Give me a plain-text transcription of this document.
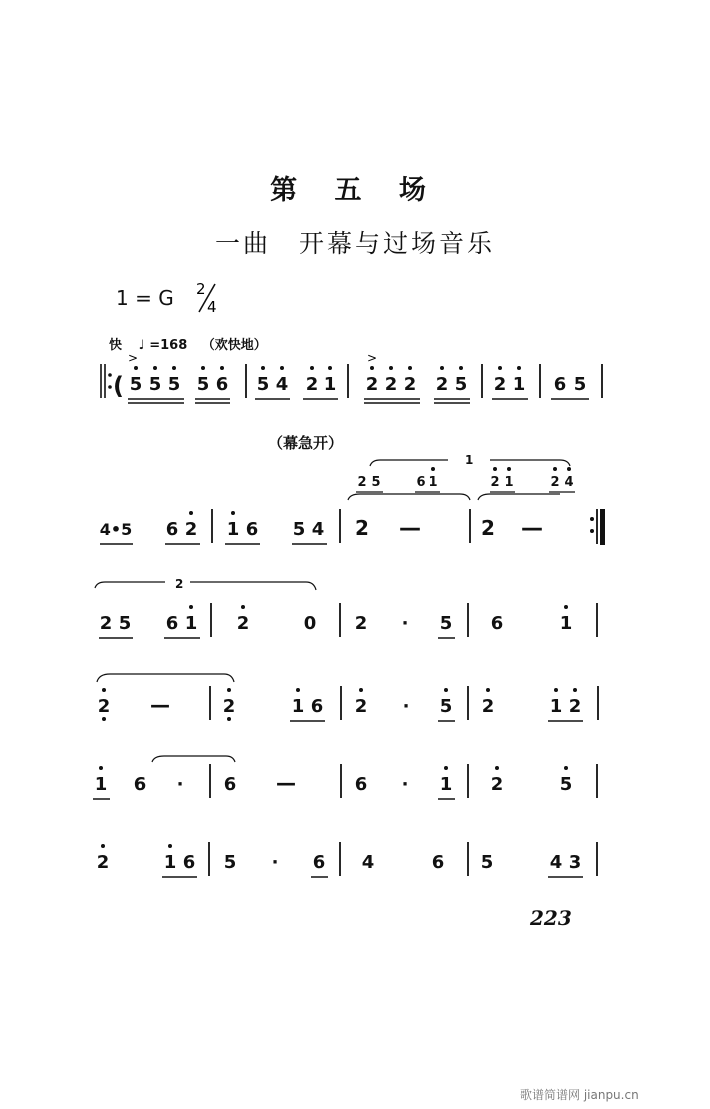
第 五 场
一曲　开幕与过场音乐
1 = G 2
4
快 ♩ =168 （欢快地）
（幕急开）
(
>	>
5 5 5 5 6 5 4 2 1 2 2 2 2 5 2 1 6 5
2 5	6 1	2 1	2 4
4•5 6 2 1 6 5 4 2 —	2 —
2 5 6 1 2	0 2 · 5 6	1
2 —	2	1 6 2 · 5 2	1 2
1 6 · 6 —	6 · 1 2	5
2	1 6 5 · 6 4	6 5	4 3
1
2
223
歌谱简谱网 jianpu.cn
